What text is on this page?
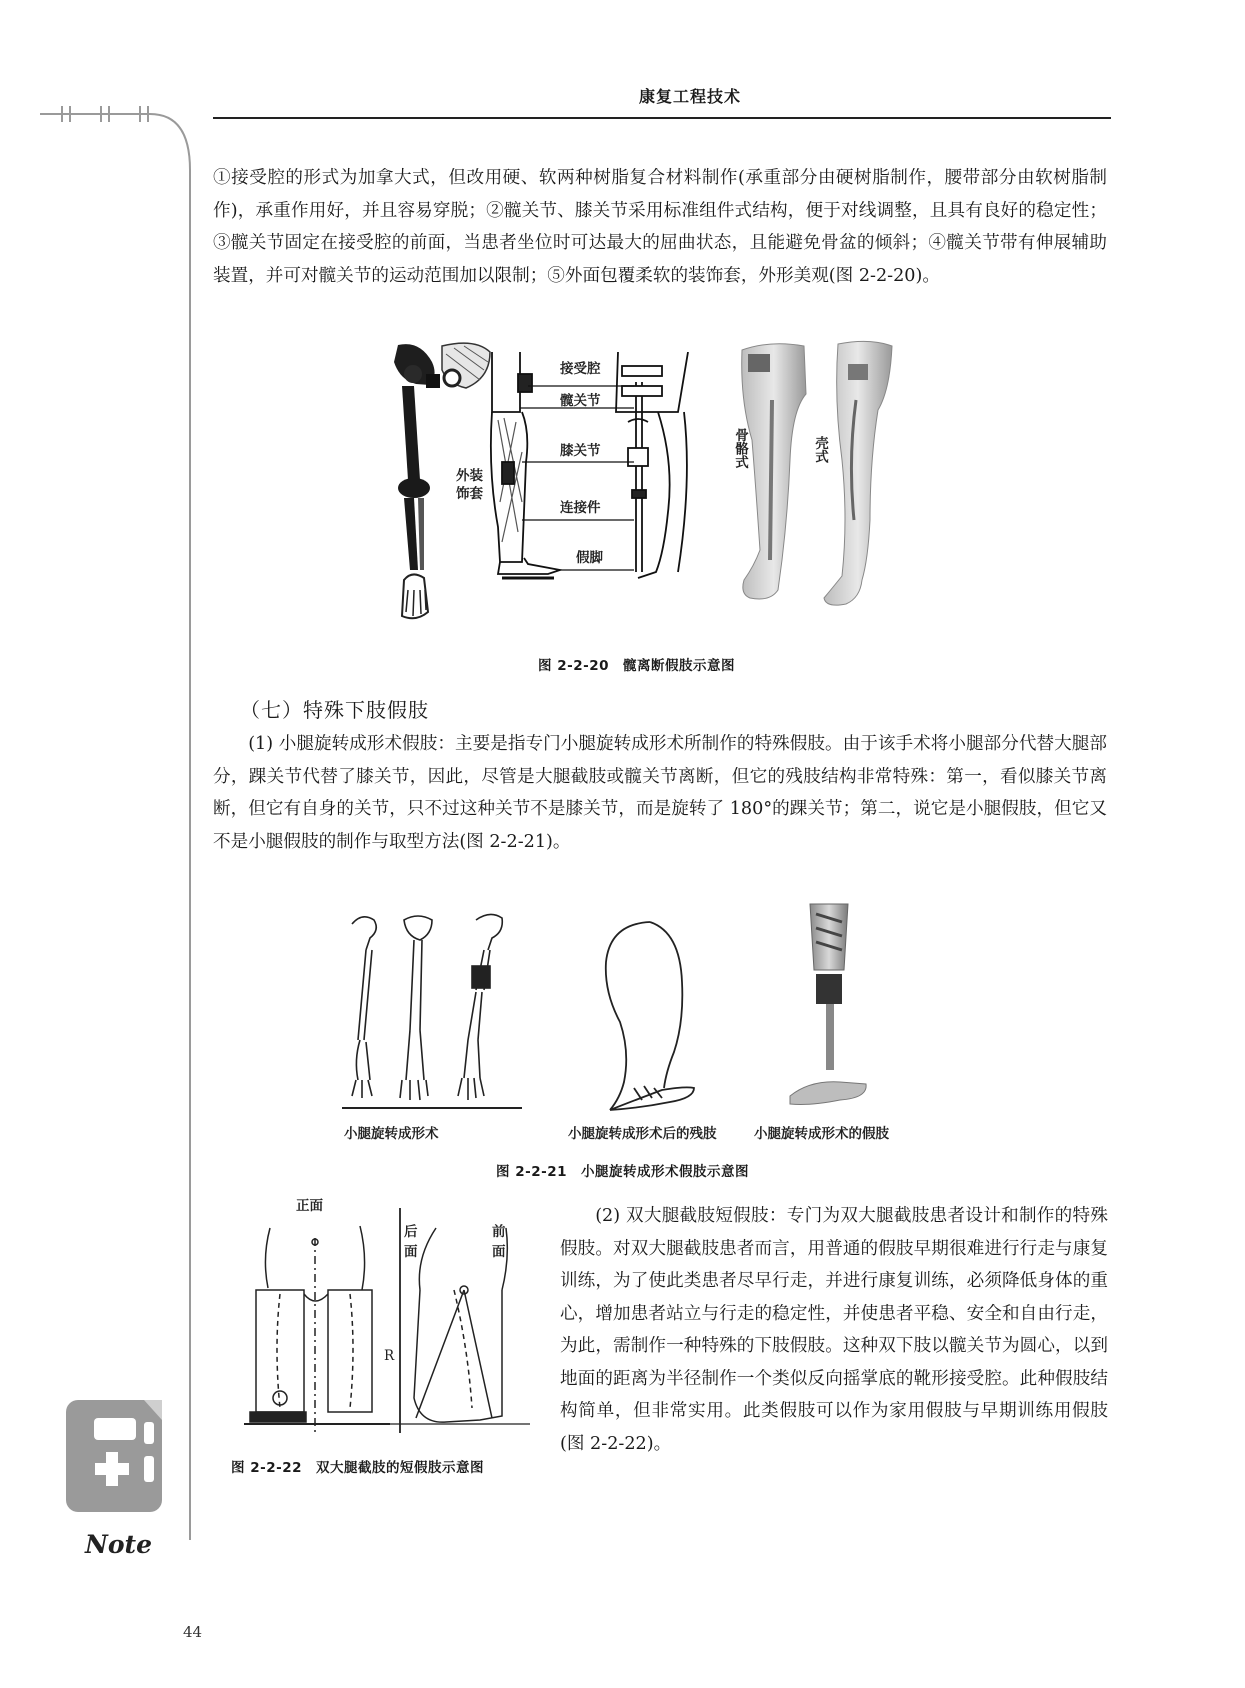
Note
44
康复工程技术

①接受腔的形式为加拿大式，但改用硬、软两种树脂复合材料制作(承重部分由硬树脂制作，腰带部分由软树脂制作)，承重作用好，并且容易穿脱；②髋关节、膝关节采用标准组件式结构，便于对线调整，且具有良好的稳定性；③髋关节固定在接受腔的前面，当患者坐位时可达最大的屈曲状态，且能避免骨盆的倾斜；④髋关节带有伸展辅助装置，并可对髋关节的运动范围加以限制；⑤外面包覆柔软的装饰套，外形美观(图 2-2-20)。

接受腔
髋关节
膝关节
外装
饰套
连接件
假脚
骨骼式	壳式
图 2-2-20　髋离断假肢示意图
（七）特殊下肢假肢

(1) 小腿旋转成形术假肢：主要是指专门小腿旋转成形术所制作的特殊假肢。由于该手术将小腿部分代替大腿部分，踝关节代替了膝关节，因此，尽管是大腿截肢或髋关节离断，但它的残肢结构非常特殊：第一，看似膝关节离断，但它有自身的关节，只不过这种关节不是膝关节，而是旋转了 180°的踝关节；第二，说它是小腿假肢，但它又不是小腿假肢的制作与取型方法(图 2-2-21)。

小腿旋转成形术	小腿旋转成形术后的残肢	小腿旋转成形术的假肢
图 2-2-21　小腿旋转成形术假肢示意图
正面
后
面
前
面
R
图 2-2-22　双大腿截肢的短假肢示意图

(2) 双大腿截肢短假肢：专门为双大腿截肢患者设计和制作的特殊假肢。对双大腿截肢患者而言，用普通的假肢早期很难进行行走与康复训练，为了使此类患者尽早行走，并进行康复训练，必须降低身体的重心，增加患者站立与行走的稳定性，并使患者平稳、安全和自由行走，为此，需制作一种特殊的下肢假肢。这种双下肢以髋关节为圆心，以到地面的距离为半径制作一个类似反向摇掌底的靴形接受腔。此种假肢结构简单，但非常实用。此类假肢可以作为家用假肢与早期训练用假肢(图 2-2-22)。
